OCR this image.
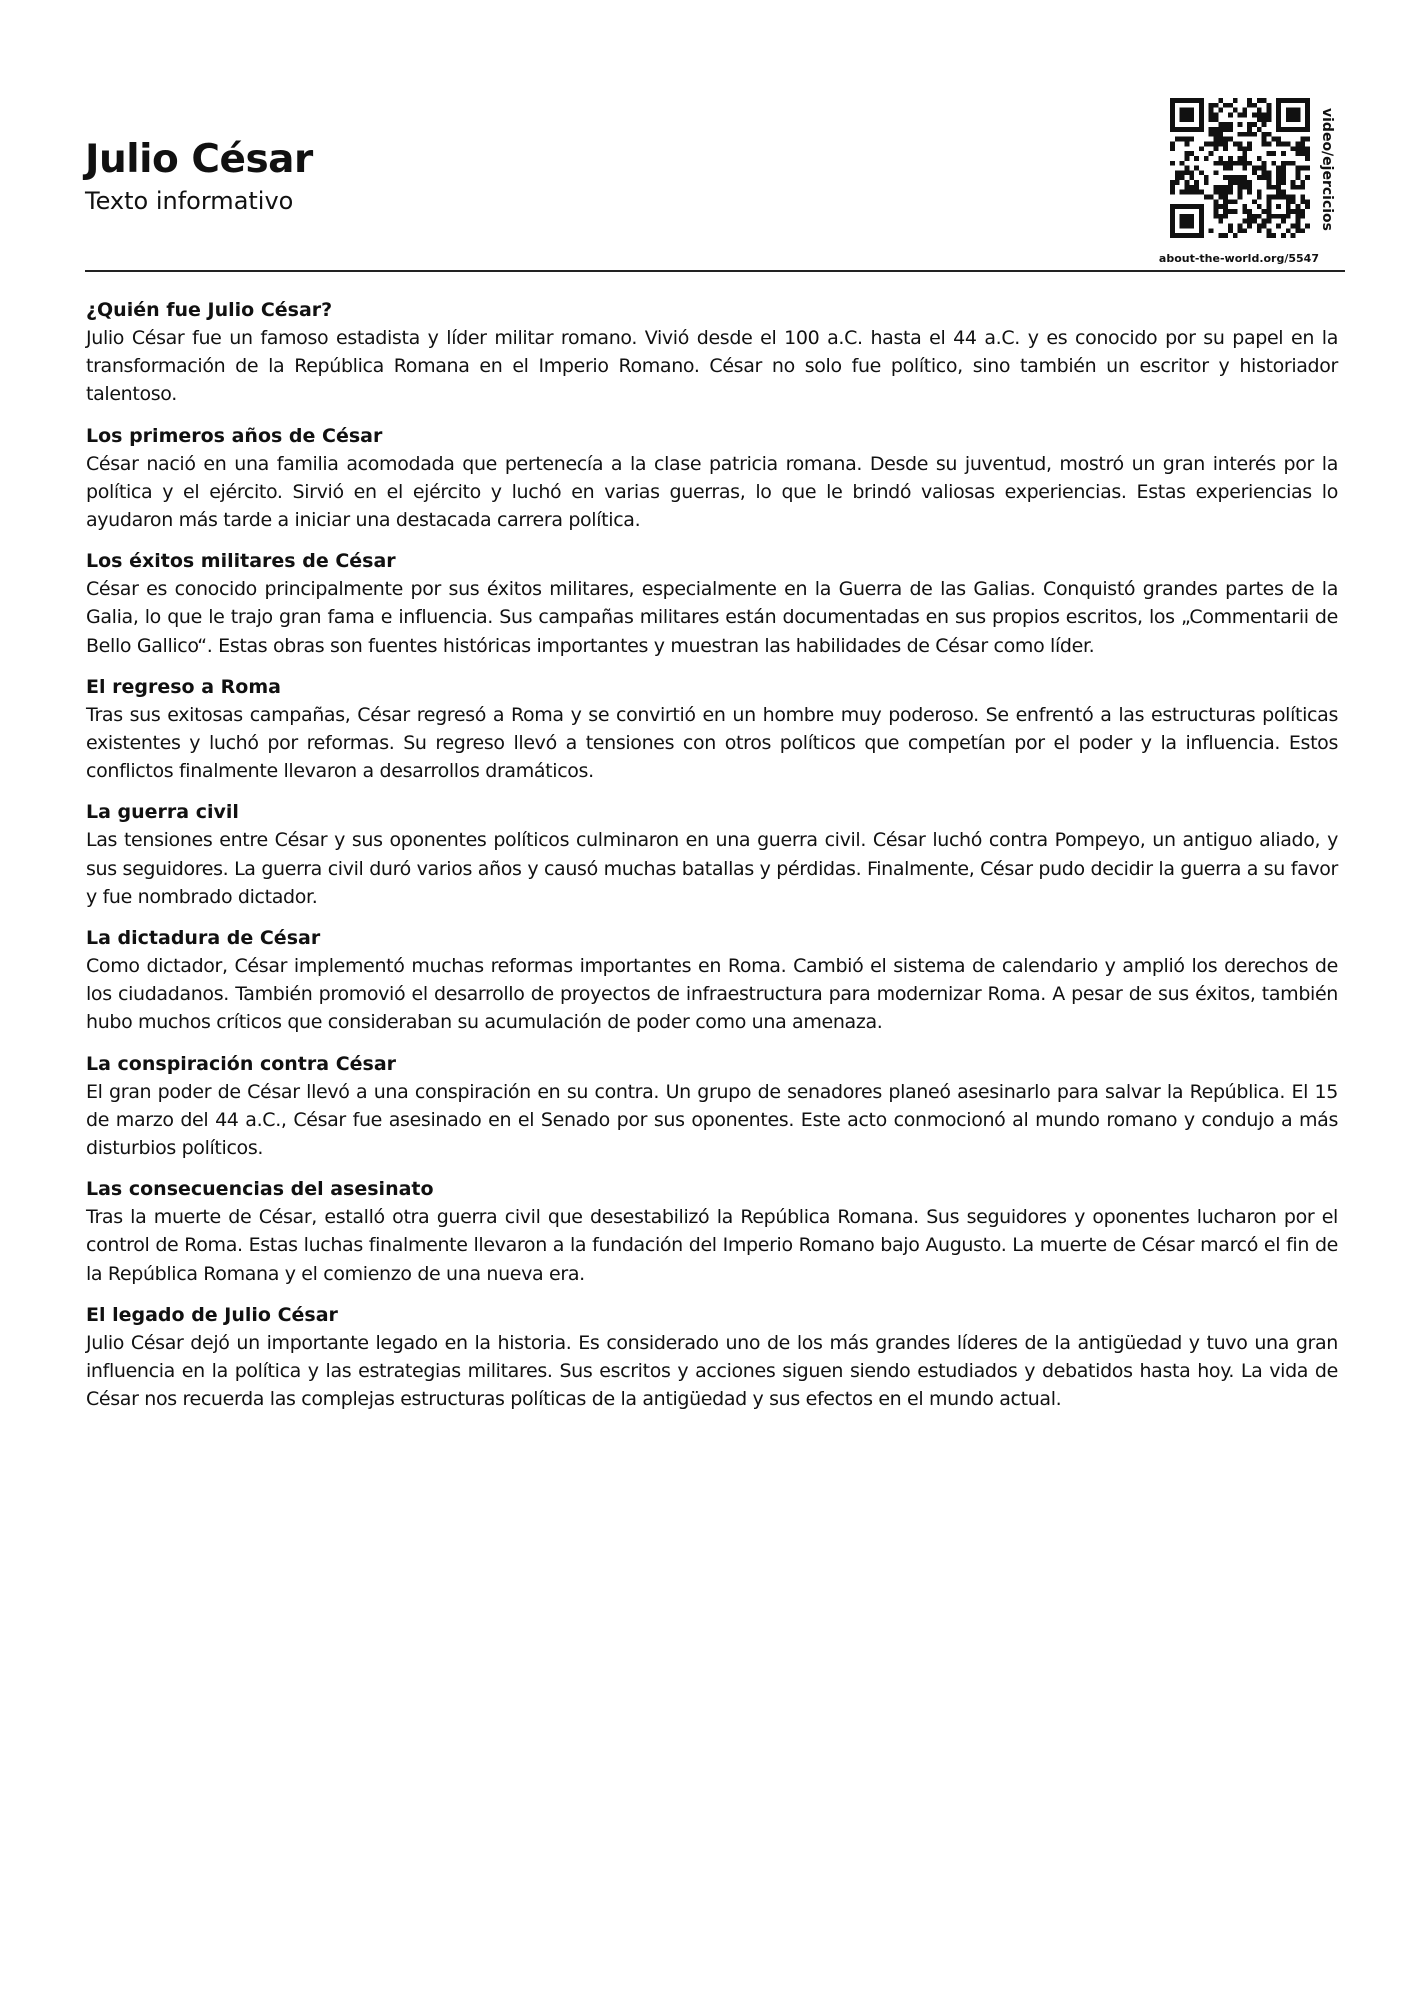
Julio César

Texto informativo	video/ejercicios
about-the-world.org/5547
¿Quién fue Julio César?

Julio César fue un famoso estadista y líder militar romano. Vivió desde el 100 a.C. hasta el 44 a.C. y es conocido por su papel en la transformación de la República Romana en el Imperio Romano. César no solo fue político, sino también un escritor y historiador talentoso.

Los primeros años de César

César nació en una familia acomodada que pertenecía a la clase patricia romana. Desde su juventud, mostró un gran interés por la política y el ejército. Sirvió en el ejército y luchó en varias guerras, lo que le brindó valiosas experiencias. Estas experiencias lo ayudaron más tarde a iniciar una destacada carrera política.

Los éxitos militares de César

César es conocido principalmente por sus éxitos militares, especialmente en la Guerra de las Galias. Conquistó grandes partes de la Galia, lo que le trajo gran fama e influencia. Sus campañas militares están documentadas en sus propios escritos, los „Commentarii de Bello Gallico“. Estas obras son fuentes históricas importantes y muestran las habilidades de César como líder.

El regreso a Roma

Tras sus exitosas campañas, César regresó a Roma y se convirtió en un hombre muy poderoso. Se enfrentó a las estructuras políticas existentes y luchó por reformas. Su regreso llevó a tensiones con otros políticos que competían por el poder y la influencia. Estos conflictos finalmente llevaron a desarrollos dramáticos.

La guerra civil

Las tensiones entre César y sus oponentes políticos culminaron en una guerra civil. César luchó contra Pompeyo, un antiguo aliado, y sus seguidores. La guerra civil duró varios años y causó muchas batallas y pérdidas. Finalmente, César pudo decidir la guerra a su favor y fue nombrado dictador.

La dictadura de César

Como dictador, César implementó muchas reformas importantes en Roma. Cambió el sistema de calendario y amplió los derechos de los ciudadanos. También promovió el desarrollo de proyectos de infraestructura para modernizar Roma. A pesar de sus éxitos, también hubo muchos críticos que consideraban su acumulación de poder como una amenaza.

La conspiración contra César

El gran poder de César llevó a una conspiración en su contra. Un grupo de senadores planeó asesinarlo para salvar la República. El 15 de marzo del 44 a.C., César fue asesinado en el Senado por sus oponentes. Este acto conmocionó al mundo romano y condujo a más disturbios políticos.

Las consecuencias del asesinato

Tras la muerte de César, estalló otra guerra civil que desestabilizó la República Romana. Sus seguidores y oponentes lucharon por el control de Roma. Estas luchas finalmente llevaron a la fundación del Imperio Romano bajo Augusto. La muerte de César marcó el fin de la República Romana y el comienzo de una nueva era.

El legado de Julio César

Julio César dejó un importante legado en la historia. Es considerado uno de los más grandes líderes de la antigüedad y tuvo una gran influencia en la política y las estrategias militares. Sus escritos y acciones siguen siendo estudiados y debatidos hasta hoy. La vida de César nos recuerda las complejas estructuras políticas de la antigüedad y sus efectos en el mundo actual.
